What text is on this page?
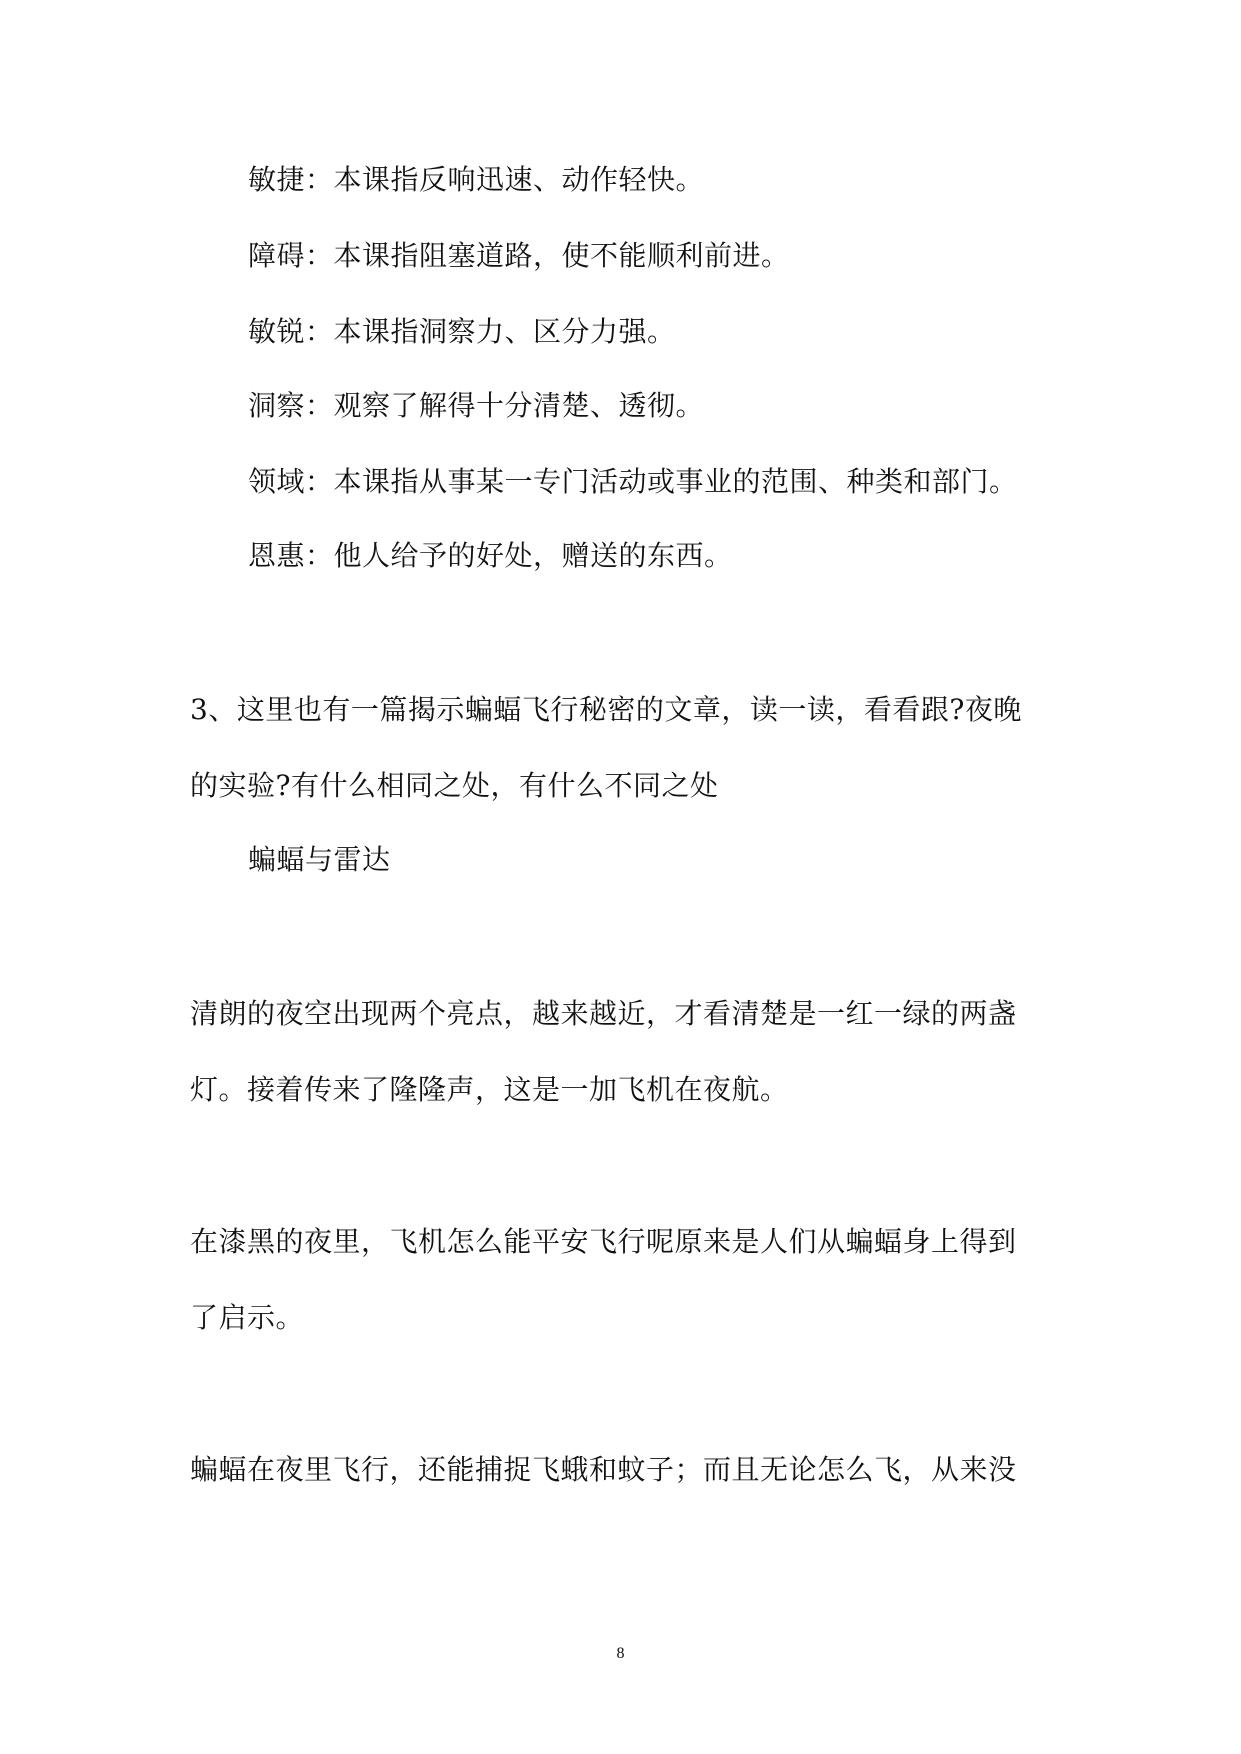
敏捷：本课指反响迅速、动作轻快。
障碍：本课指阻塞道路，使不能顺利前进。
敏锐：本课指洞察力、区分力强。
洞察：观察了解得十分清楚、透彻。
领域：本课指从事某一专门活动或事业的范围、种类和部门。
恩惠：他人给予的好处，赠送的东西。
3、这里也有一篇揭示蝙蝠飞行秘密的文章，读一读，看看跟?夜晚
的实验?有什么相同之处，有什么不同之处
蝙蝠与雷达
清朗的夜空出现两个亮点，越来越近，才看清楚是一红一绿的两盏
灯。接着传来了隆隆声，这是一加飞机在夜航。
在漆黑的夜里，飞机怎么能平安飞行呢原来是人们从蝙蝠身上得到
了启示。
蝙蝠在夜里飞行，还能捕捉飞蛾和蚊子；而且无论怎么飞，从来没
8
